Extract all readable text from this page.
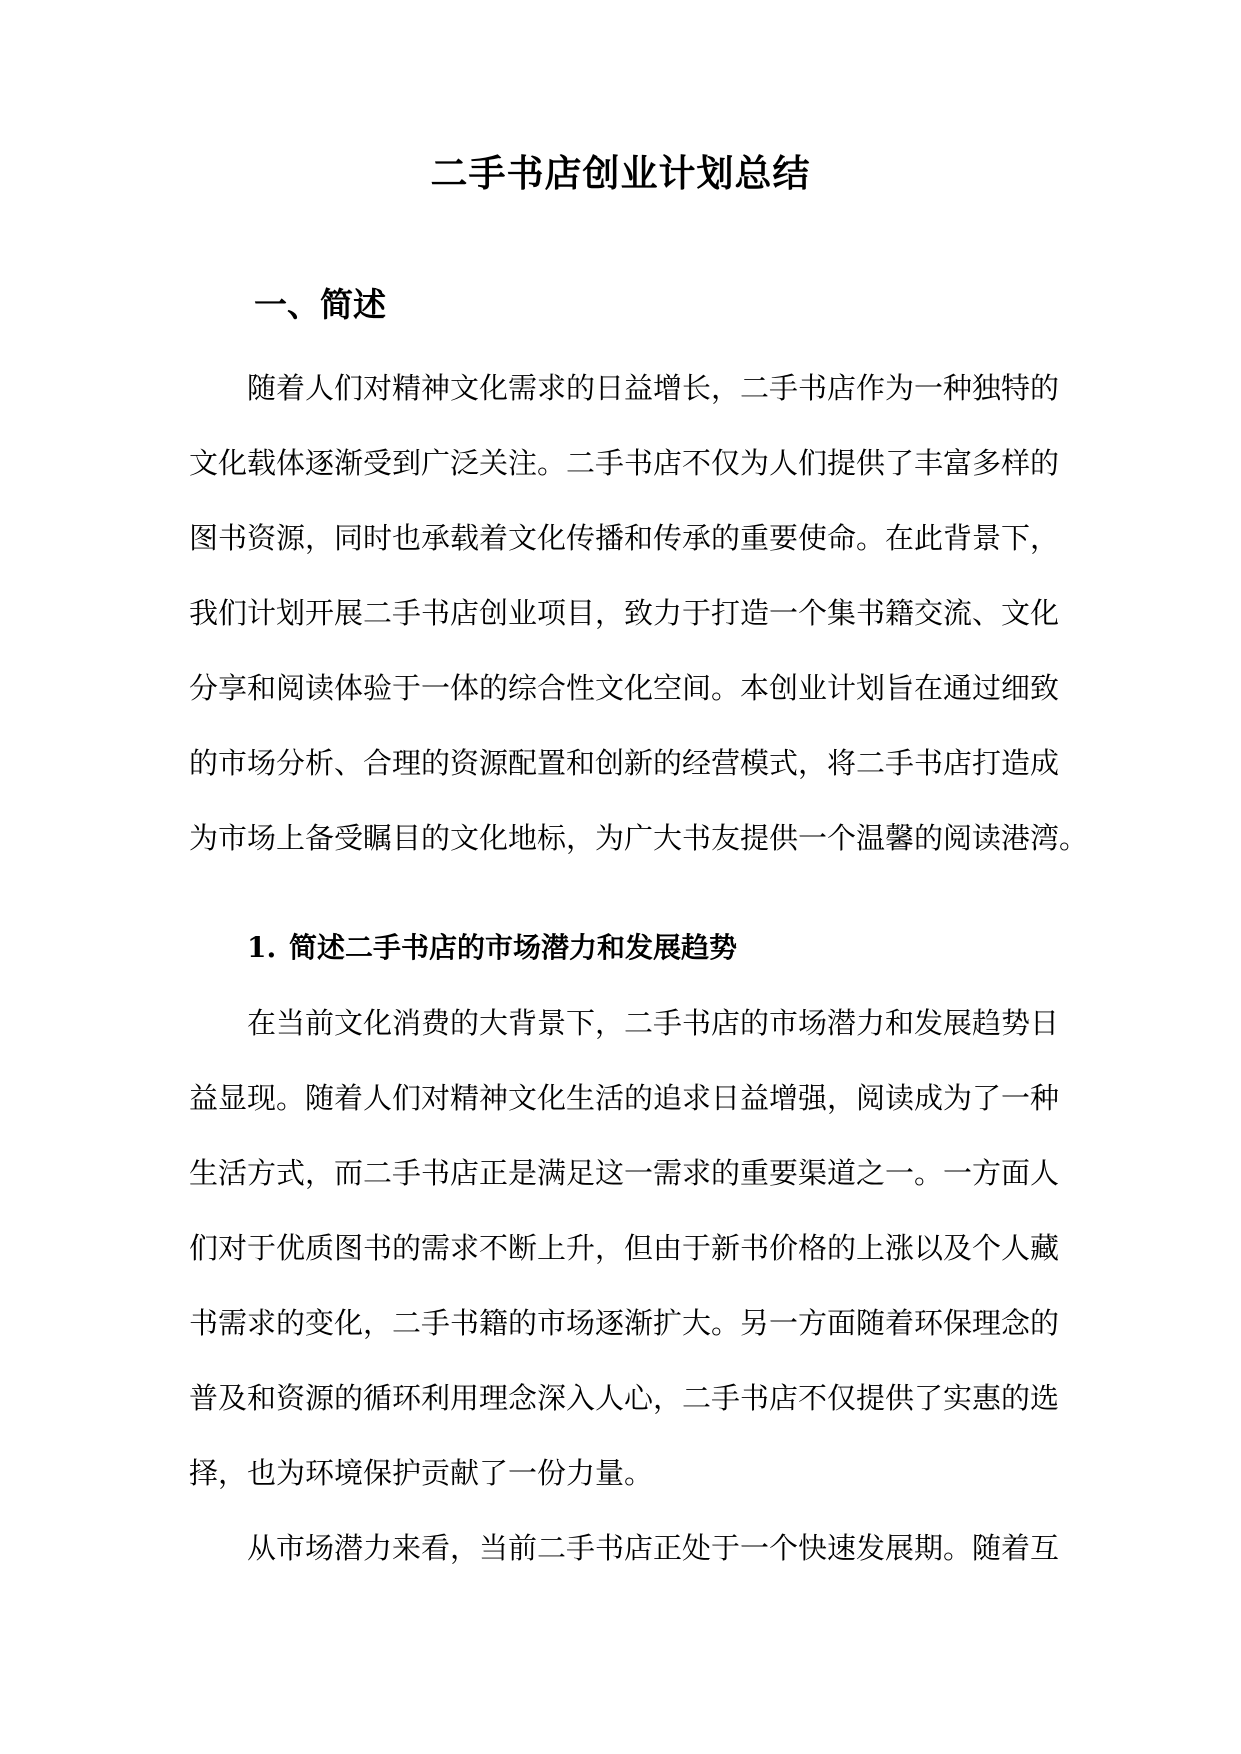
二手书店创业计划总结
一、简述

随着人们对精神文化需求的日益增长，二手书店作为一种独特的

文化载体逐渐受到广泛关注。二手书店不仅为人们提供了丰富多样的

图书资源，同时也承载着文化传播和传承的重要使命。在此背景下，

我们计划开展二手书店创业项目，致力于打造一个集书籍交流、文化

分享和阅读体验于一体的综合性文化空间。本创业计划旨在通过细致

的市场分析、合理的资源配置和创新的经营模式，将二手书店打造成

为市场上备受瞩目的文化地标，为广大书友提供一个温馨的阅读港湾。

1. 简述二手书店的市场潜力和发展趋势

在当前文化消费的大背景下，二手书店的市场潜力和发展趋势日

益显现。随着人们对精神文化生活的追求日益增强，阅读成为了一种

生活方式，而二手书店正是满足这一需求的重要渠道之一。一方面人

们对于优质图书的需求不断上升，但由于新书价格的上涨以及个人藏

书需求的变化，二手书籍的市场逐渐扩大。另一方面随着环保理念的

普及和资源的循环利用理念深入人心，二手书店不仅提供了实惠的选

择，也为环境保护贡献了一份力量。

从市场潜力来看，当前二手书店正处于一个快速发展期。随着互
